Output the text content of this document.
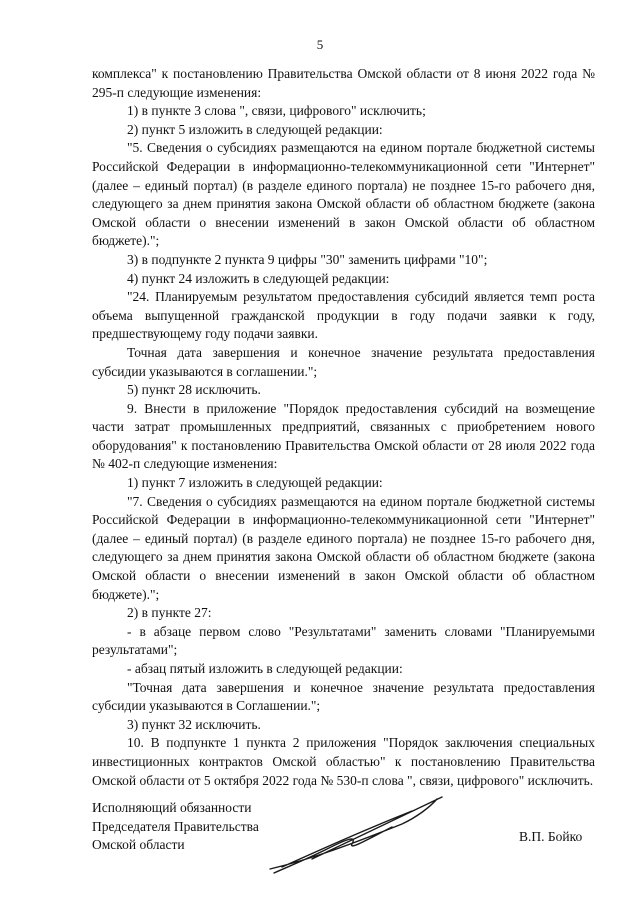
5

комплекса" к постановлению Правительства Омской области от 8 июня 2022 года № 295-п следующие изменения:

1) в пункте 3 слова ", связи, цифрового" исключить;

2) пункт 5 изложить в следующей редакции:

"5. Сведения о субсидиях размещаются на едином портале бюджетной системы Российской Федерации в информационно-телекоммуникационной сети "Интернет" (далее – единый портал) (в разделе единого портала) не позднее 15-го рабочего дня, следующего за днем принятия закона Омской области об областном бюджете (закона Омской области о внесении изменений в закон Омской области об областном бюджете).";

3) в подпункте 2 пункта 9 цифры "30" заменить цифрами "10";

4) пункт 24 изложить в следующей редакции:

"24. Планируемым результатом предоставления субсидий является темп роста объема выпущенной гражданской продукции в году подачи заявки к году, предшествующему году подачи заявки.

Точная дата завершения и конечное значение результата предоставления субсидии указываются в соглашении.";

5) пункт 28 исключить.

9. Внести в приложение "Порядок предоставления субсидий на возмещение части затрат промышленных предприятий, связанных с приобретением нового оборудования" к постановлению Правительства Омской области от 28 июля 2022 года № 402-п следующие изменения:

1) пункт 7 изложить в следующей редакции:

"7. Сведения о субсидиях размещаются на едином портале бюджетной системы Российской Федерации в информационно-телекоммуникационной сети "Интернет" (далее – единый портал) (в разделе единого портала) не позднее 15-го рабочего дня, следующего за днем принятия закона Омской области об областном бюджете (закона Омской области о внесении изменений в закон Омской области об областном бюджете).";

2) в пункте 27:

- в абзаце первом слово "Результатами" заменить словами "Планируемыми результатами";

- абзац пятый изложить в следующей редакции:

"Точная дата завершения и конечное значение результата предоставления субсидии указываются в Соглашении.";

3) пункт 32 исключить.

10. В подпункте 1 пункта 2 приложения "Порядок заключения специальных инвестиционных контрактов Омской областью" к постановлению Правительства Омской области от 5 октября 2022 года № 530-п слова ", связи, цифрового" исключить.

Исполняющий обязанности
Председателя Правительства
Омской области
В.П. Бойко
